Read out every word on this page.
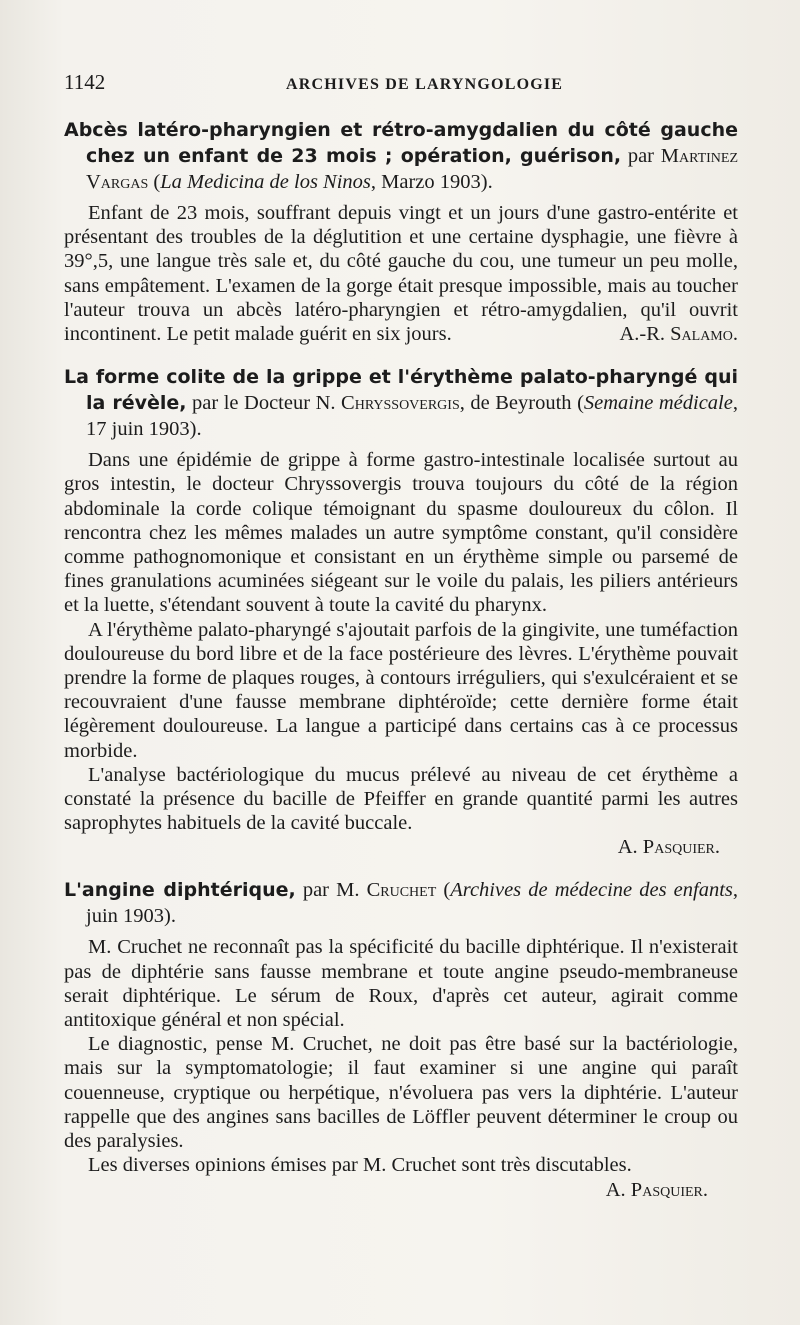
1142	ARCHIVES DE LARYNGOLOGIE

Abcès latéro-pharyngien et rétro-amygdalien du côté gauche chez un enfant de 23 mois ; opération, guérison, par Martinez Vargas (La Medicina de los Ninos, Marzo 1903).

Enfant de 23 mois, souffrant depuis vingt et un jours d'une gastro-entérite et présentant des troubles de la déglutition et une certaine dysphagie, une fièvre à 39°,5, une langue très sale et, du côté gauche du cou, une tumeur un peu molle, sans empâtement. L'examen de la gorge était presque impossible, mais au toucher l'auteur trouva un abcès latéro-pharyngien et rétro-amygdalien, qu'il ouvrit incontinent. Le petit malade guérit en six jours.	A.-R. Salamo.

La forme colite de la grippe et l'érythème palato-pharyngé qui la révèle, par le Docteur N. Chryssovergis, de Beyrouth (Semaine médicale, 17 juin 1903).

Dans une épidémie de grippe à forme gastro-intestinale localisée surtout au gros intestin, le docteur Chryssovergis trouva toujours du côté de la région abdominale la corde colique témoignant du spasme douloureux du côlon. Il rencontra chez les mêmes malades un autre symptôme constant, qu'il considère comme pathognomonique et consistant en un érythème simple ou parsemé de fines granulations acuminées siégeant sur le voile du palais, les piliers antérieurs et la luette, s'étendant souvent à toute la cavité du pharynx.

A l'érythème palato-pharyngé s'ajoutait parfois de la gingivite, une tuméfaction douloureuse du bord libre et de la face postérieure des lèvres. L'érythème pouvait prendre la forme de plaques rouges, à contours irréguliers, qui s'exulcéraient et se recouvraient d'une fausse membrane diphtéroïde; cette dernière forme était légèrement douloureuse. La langue a participé dans certains cas à ce processus morbide.

L'analyse bactériologique du mucus prélevé au niveau de cet érythème a constaté la présence du bacille de Pfeiffer en grande quantité parmi les autres saprophytes habituels de la cavité buccale.

A. Pasquier.

L'angine diphtérique, par M. Cruchet (Archives de médecine des enfants, juin 1903).

M. Cruchet ne reconnaît pas la spécificité du bacille diphtérique. Il n'existerait pas de diphtérie sans fausse membrane et toute angine pseudo-membraneuse serait diphtérique. Le sérum de Roux, d'après cet auteur, agirait comme antitoxique général et non spécial.

Le diagnostic, pense M. Cruchet, ne doit pas être basé sur la bactériologie, mais sur la symptomatologie; il faut examiner si une angine qui paraît couenneuse, cryptique ou herpétique, n'évoluera pas vers la diphtérie. L'auteur rappelle que des angines sans bacilles de Löffler peuvent déterminer le croup ou des paralysies.

Les diverses opinions émises par M. Cruchet sont très discutables.

A. Pasquier.
